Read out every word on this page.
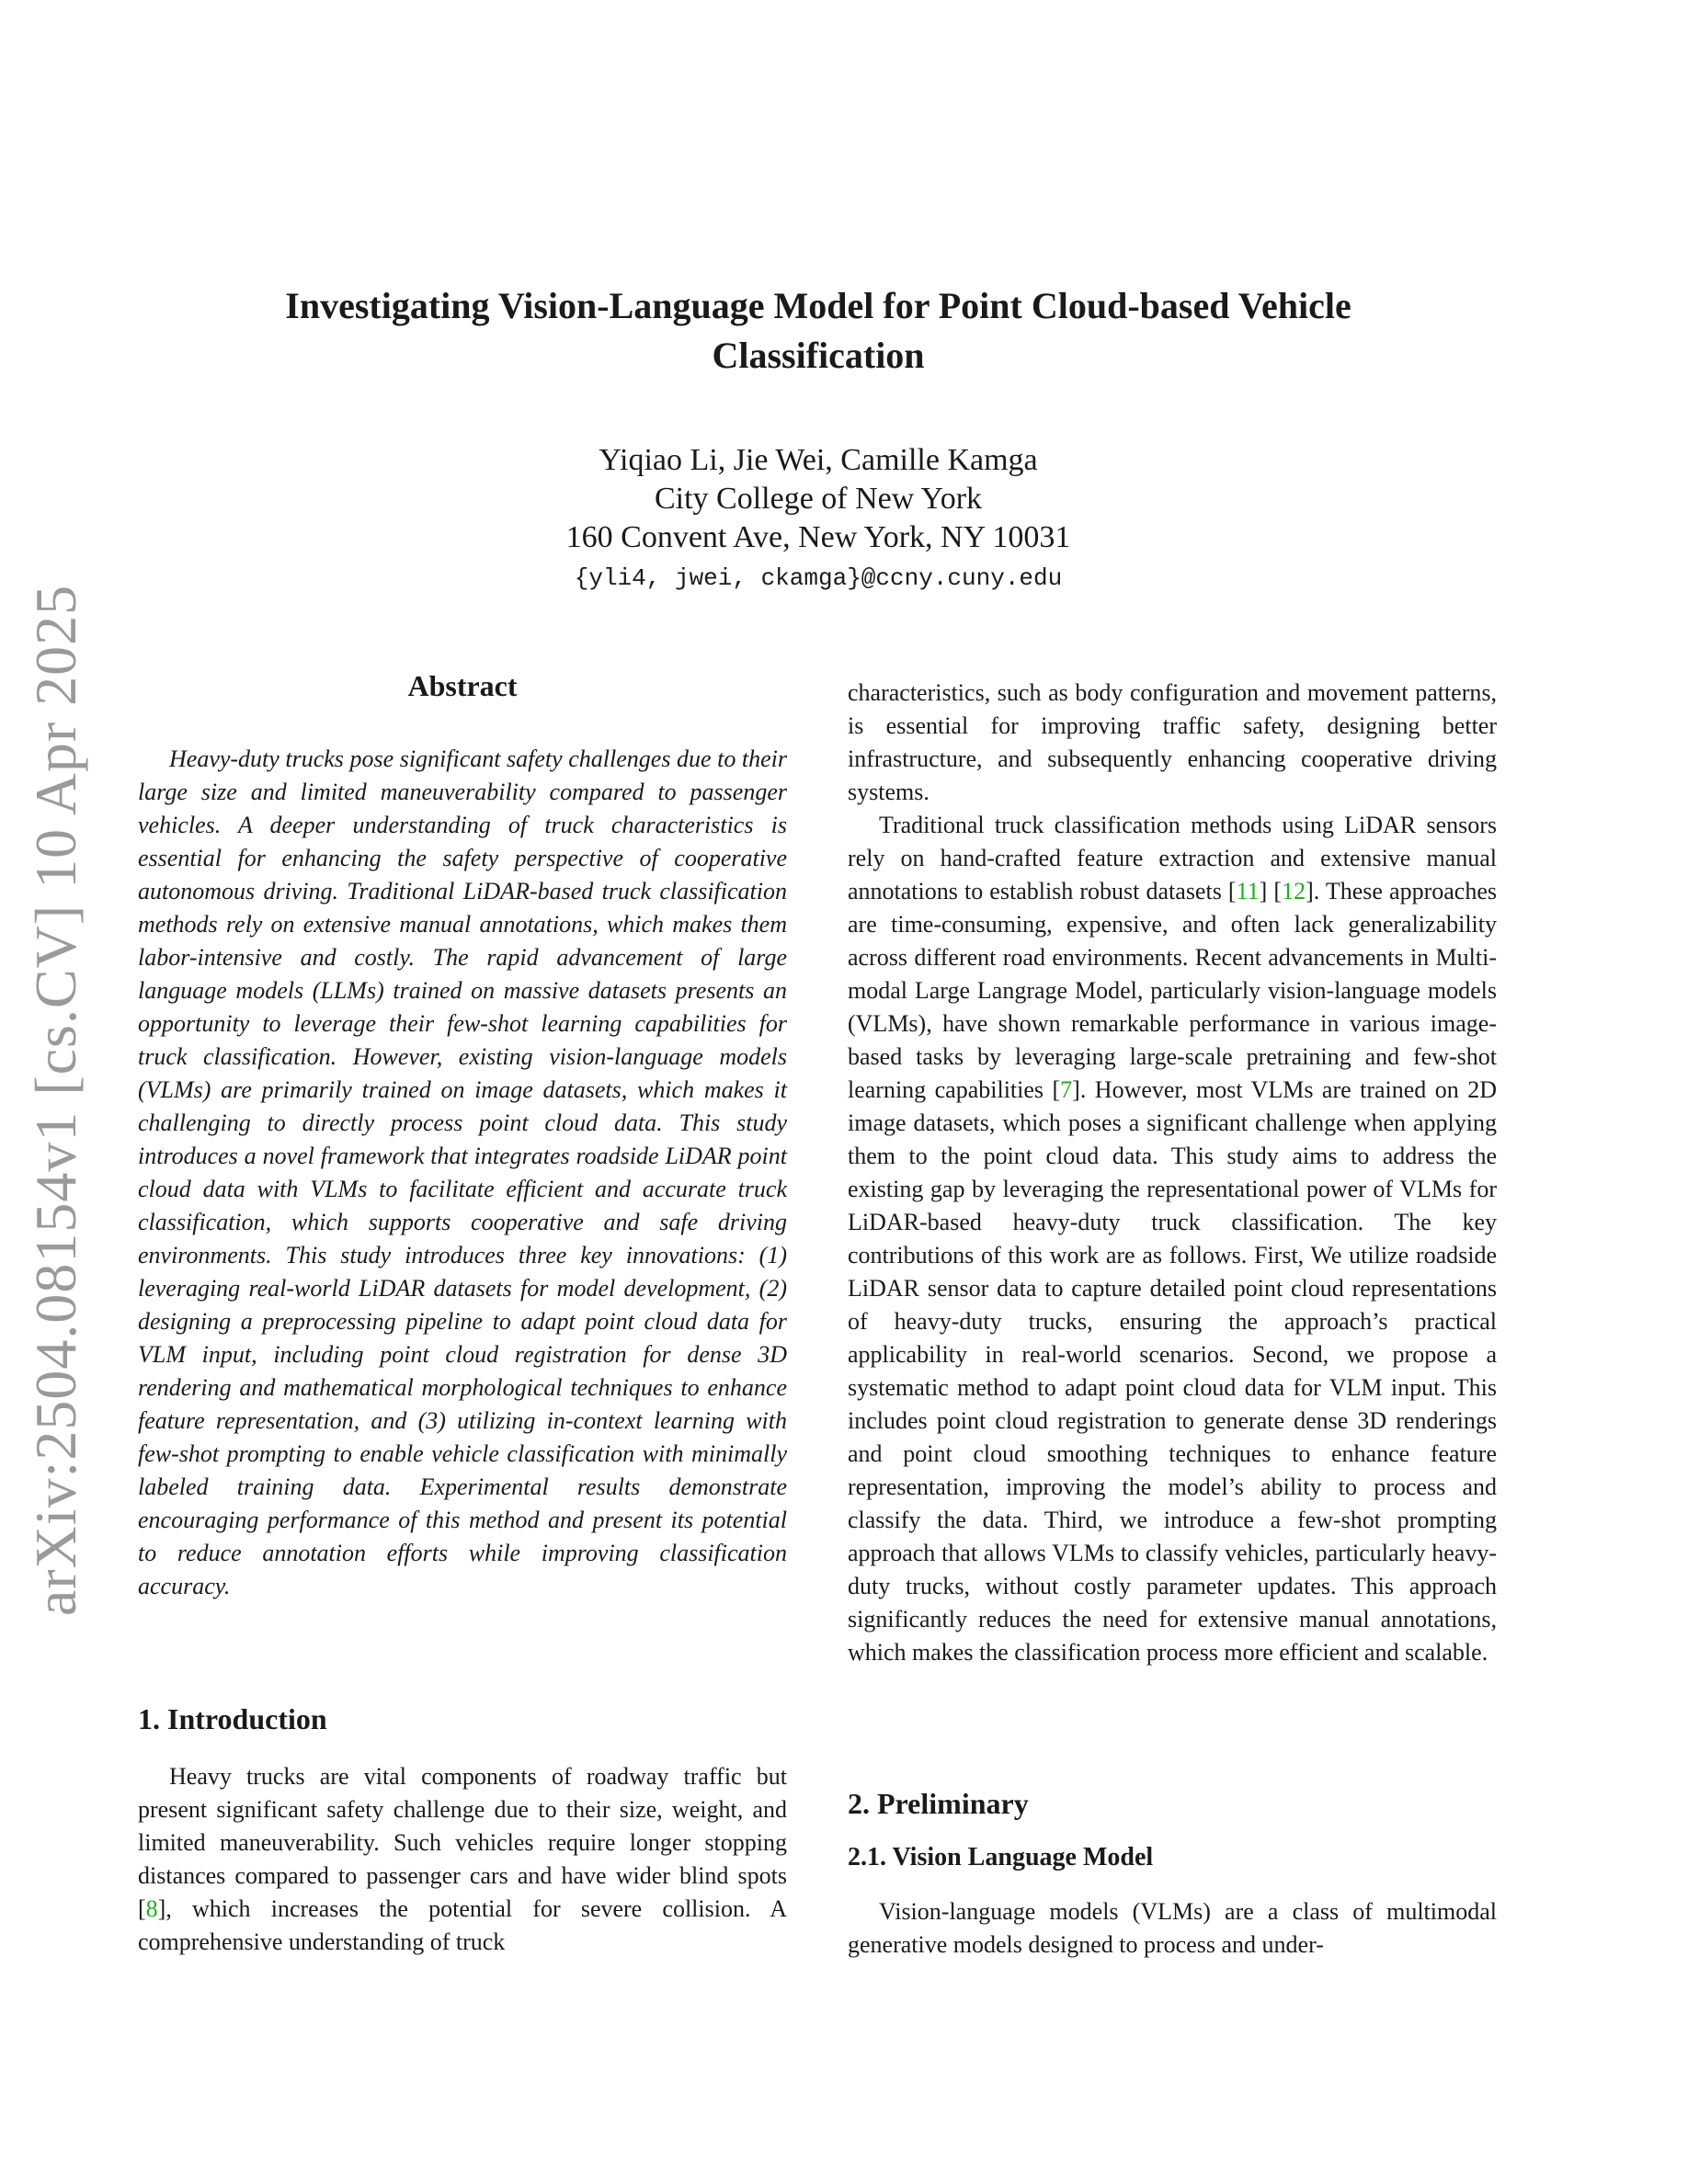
arXiv:2504.08154v1 [cs.CV] 10 Apr 2025
Investigating Vision-Language Model for Point Cloud-based Vehicle Classification
Yiqiao Li, Jie Wei, Camille Kamga
City College of New York
160 Convent Ave, New York, NY 10031
{yli4, jwei, ckamga}@ccny.cuny.edu
Abstract
Heavy-duty trucks pose significant safety challenges due to their large size and limited maneuverability compared to passenger vehicles. A deeper understanding of truck characteristics is essential for enhancing the safety perspective of cooperative autonomous driving. Traditional LiDAR-based truck classification methods rely on extensive manual annotations, which makes them labor-intensive and costly. The rapid advancement of large language models (LLMs) trained on massive datasets presents an opportunity to leverage their few-shot learning capabilities for truck classification. However, existing vision-language models (VLMs) are primarily trained on image datasets, which makes it challenging to directly process point cloud data. This study introduces a novel framework that integrates roadside LiDAR point cloud data with VLMs to facilitate efficient and accurate truck classification, which supports cooperative and safe driving environments. This study introduces three key innovations: (1) leveraging real-world LiDAR datasets for model development, (2) designing a preprocessing pipeline to adapt point cloud data for VLM input, including point cloud registration for dense 3D rendering and mathematical morphological techniques to enhance feature representation, and (3) utilizing in-context learning with few-shot prompting to enable vehicle classification with minimally labeled training data. Experimental results demonstrate encouraging performance of this method and present its potential to reduce annotation efforts while improving classification accuracy.
1. Introduction
Heavy trucks are vital components of roadway traffic but present significant safety challenge due to their size, weight, and limited maneuverability. Such vehicles require longer stopping distances compared to passenger cars and have wider blind spots [8], which increases the potential for severe collision. A comprehensive understanding of truck
characteristics, such as body configuration and movement patterns, is essential for improving traffic safety, designing better infrastructure, and subsequently enhancing cooperative driving systems.
Traditional truck classification methods using LiDAR sensors rely on hand-crafted feature extraction and extensive manual annotations to establish robust datasets [11] [12]. These approaches are time-consuming, expensive, and often lack generalizability across different road environments. Recent advancements in Multi-modal Large Langrage Model, particularly vision-language models (VLMs), have shown remarkable performance in various image-based tasks by leveraging large-scale pretraining and few-shot learning capabilities [7]. However, most VLMs are trained on 2D image datasets, which poses a significant challenge when applying them to the point cloud data. This study aims to address the existing gap by leveraging the representational power of VLMs for LiDAR-based heavy-duty truck classification. The key contributions of this work are as follows. First, We utilize roadside LiDAR sensor data to capture detailed point cloud representations of heavy-duty trucks, ensuring the approach’s practical applicability in real-world scenarios. Second, we propose a systematic method to adapt point cloud data for VLM input. This includes point cloud registration to generate dense 3D renderings and point cloud smoothing techniques to enhance feature representation, improving the model’s ability to process and classify the data. Third, we introduce a few-shot prompting approach that allows VLMs to classify vehicles, particularly heavy-duty trucks, without costly parameter updates. This approach significantly reduces the need for extensive manual annotations, which makes the classification process more efficient and scalable.
2. Preliminary
2.1. Vision Language Model
Vision-language models (VLMs) are a class of multimodal generative models designed to process and under-
